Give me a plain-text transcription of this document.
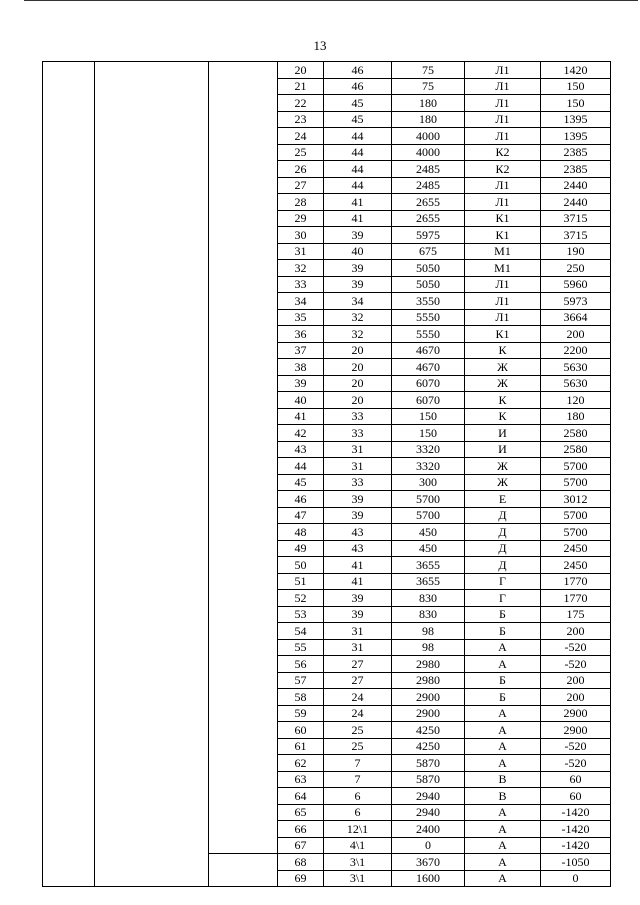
13
			20	46	75	Л1	1420
			21	46	75	Л1	150
			22	45	180	Л1	150
			23	45	180	Л1	1395
			24	44	4000	Л1	1395
			25	44	4000	К2	2385
			26	44	2485	К2	2385
			27	44	2485	Л1	2440
			28	41	2655	Л1	2440
			29	41	2655	К1	3715
			30	39	5975	К1	3715
			31	40	675	М1	190
			32	39	5050	М1	250
			33	39	5050	Л1	5960
			34	34	3550	Л1	5973
			35	32	5550	Л1	3664
			36	32	5550	К1	200
			37	20	4670	К	2200
			38	20	4670	Ж	5630
			39	20	6070	Ж	5630
			40	20	6070	К	120
			41	33	150	К	180
			42	33	150	И	2580
			43	31	3320	И	2580
			44	31	3320	Ж	5700
			45	33	300	Ж	5700
			46	39	5700	Е	3012
			47	39	5700	Д	5700
			48	43	450	Д	5700
			49	43	450	Д	2450
			50	41	3655	Д	2450
			51	41	3655	Г	1770
			52	39	830	Г	1770
			53	39	830	Б	175
			54	31	98	Б	200
			55	31	98	А	-520
			56	27	2980	А	-520
			57	27	2980	Б	200
			58	24	2900	Б	200
			59	24	2900	А	2900
			60	25	4250	А	2900
			61	25	4250	А	-520
			62	7	5870	А	-520
			63	7	5870	В	60
			64	6	2940	В	60
			65	6	2940	А	-1420
			66	12\1	2400	А	-1420
			67	4\1	0	А	-1420
			68	3\1	3670	А	-1050
			69	3\1	1600	А	0
